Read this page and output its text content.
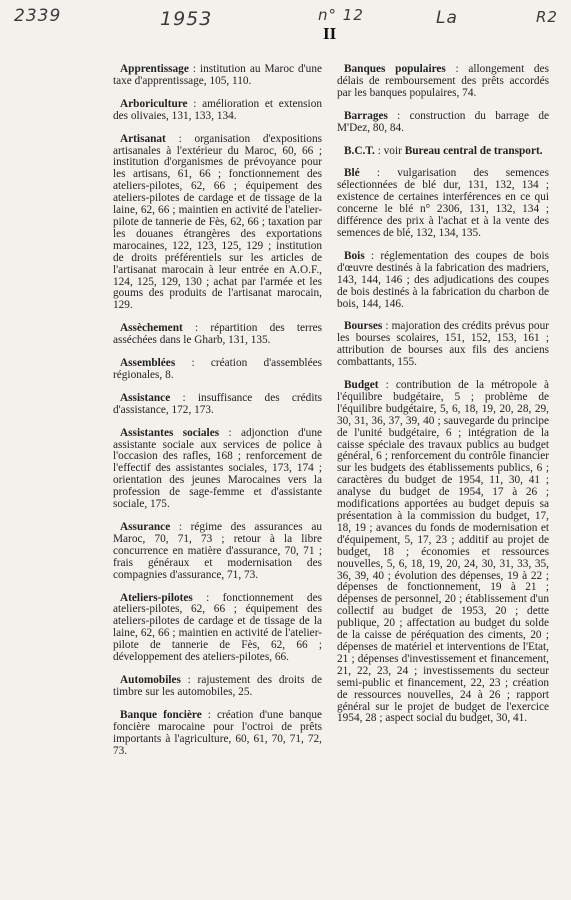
2339	1953	n° 12	La	R2
II

Apprentissage : institution au Maroc d'une taxe d'apprentissage, 105, 110.

Arboriculture : amélioration et extension des olivaies, 131, 133, 134.

Artisanat : organisation d'expositions artisanales à l'extérieur du Maroc, 60, 66 ; institution d'organismes de prévoyance pour les artisans, 61, 66 ; fonctionnement des ateliers-pilotes, 62, 66 ; équipement des ateliers-pilotes de cardage et de tissage de la laine, 62, 66 ; maintien en activité de l'atelier-pilote de tannerie de Fès, 62, 66 ; taxation par les douanes étrangères des exportations marocaines, 122, 123, 125, 129 ; institution de droits préférentiels sur les articles de l'artisanat marocain à leur entrée en A.O.F., 124, 125, 129, 130 ; achat par l'armée et les goums des produits de l'artisanat marocain, 129.

Assèchement : répartition des terres asséchées dans le Gharb, 131, 135.

Assemblées : création d'assemblées régionales, 8.

Assistance : insuffisance des crédits d'assistance, 172, 173.

Assistantes sociales : adjonction d'une assistante sociale aux services de police à l'occasion des rafles, 168 ; renforcement de l'effectif des assistantes sociales, 173, 174 ; orientation des jeunes Marocaines vers la profession de sage-femme et d'assistante sociale, 175.

Assurance : régime des assurances au Maroc, 70, 71, 73 ; retour à la libre concurrence en matière d'assurance, 70, 71 ; frais généraux et modernisation des compagnies d'assurance, 71, 73.

Ateliers-pilotes : fonctionnement des ateliers-pilotes, 62, 66 ; équipement des ateliers-pilotes de cardage et de tissage de la laine, 62, 66 ; maintien en activité de l'atelier-pilote de tannerie de Fès, 62, 66 ; développement des ateliers-pilotes, 66.

Automobiles : rajustement des droits de timbre sur les automobiles, 25.

Banque foncière : création d'une banque foncière marocaine pour l'octroi de prêts importants à l'agriculture, 60, 61, 70, 71, 72, 73.

Banques populaires : allongement des délais de remboursement des prêts accordés par les banques populaires, 74.

Barrages : construction du barrage de M'Dez, 80, 84.

B.C.T. : voir Bureau central de transport.

Blé : vulgarisation des semences sélectionnées de blé dur, 131, 132, 134 ; existence de certaines interférences en ce qui concerne le blé n° 2306, 131, 132, 134 ; différence des prix à l'achat et à la vente des semences de blé, 132, 134, 135.

Bois : réglementation des coupes de bois d'œuvre destinés à la fabrication des madriers, 143, 144, 146 ; des adjudications des coupes de bois destinés à la fabrication du charbon de bois, 144, 146.

Bourses : majoration des crédits prévus pour les bourses scolaires, 151, 152, 153, 161 ; attribution de bourses aux fils des anciens combattants, 155.

Budget : contribution de la métropole à l'équilibre budgétaire, 5 ; problème de l'équilibre budgétaire, 5, 6, 18, 19, 20, 28, 29, 30, 31, 36, 37, 39, 40 ; sauvegarde du principe de l'unité budgétaire, 6 ; intégration de la caisse spéciale des travaux publics au budget général, 6 ; renforcement du contrôle financier sur les budgets des établissements publics, 6 ; caractères du budget de 1954, 11, 30, 41 ; analyse du budget de 1954, 17 à 26 ; modifications apportées au budget depuis sa présentation à la commission du budget, 17, 18, 19 ; avances du fonds de modernisation et d'équipement, 5, 17, 23 ; additif au projet de budget, 18 ; économies et ressources nouvelles, 5, 6, 18, 19, 20, 24, 30, 31, 33, 35, 36, 39, 40 ; évolution des dépenses, 19 à 22 ; dépenses de fonctionnement, 19 à 21 ; dépenses de personnel, 20 ; établissement d'un collectif au budget de 1953, 20 ; dette publique, 20 ; affectation au budget du solde de la caisse de péréquation des ciments, 20 ; dépenses de matériel et interventions de l'Etat, 21 ; dépenses d'investissement et financement, 21, 22, 23, 24 ; investissements du secteur semi-public et financement, 22, 23 ; création de ressources nouvelles, 24 à 26 ; rapport général sur le projet de budget de l'exercice 1954, 28 ; aspect social du budget, 30, 41.
